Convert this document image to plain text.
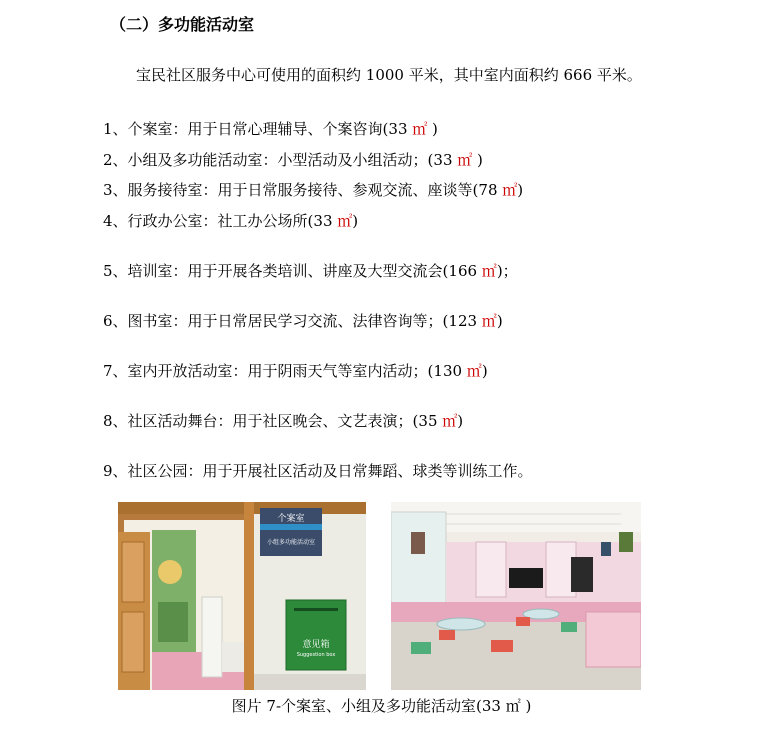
（二）多功能活动室
宝民社区服务中心可使用的面积约 1000 平米，其中室内面积约 666 平米。
1、个案室：用于日常心理辅导、个案咨询(33 ㎡ )
2、小组及多功能活动室：小型活动及小组活动；(33 ㎡ )
3、服务接待室：用于日常服务接待、参观交流、座谈等(78 ㎡)
4、行政办公室：社工办公场所(33 ㎡)
5、培训室：用于开展各类培训、讲座及大型交流会(166 ㎡)；
6、图书室：用于日常居民学习交流、法律咨询等；(123 ㎡)
7、室内开放活动室：用于阴雨天气等室内活动；(130 ㎡)
8、社区活动舞台：用于社区晚会、文艺表演；(35 ㎡)
9、社区公园：用于开展社区活动及日常舞蹈、球类等训练工作。
个案室
小组多功能活动室
意见箱
Suggestion box
图片 7-个案室、小组及多功能活动室(33 ㎡ )
